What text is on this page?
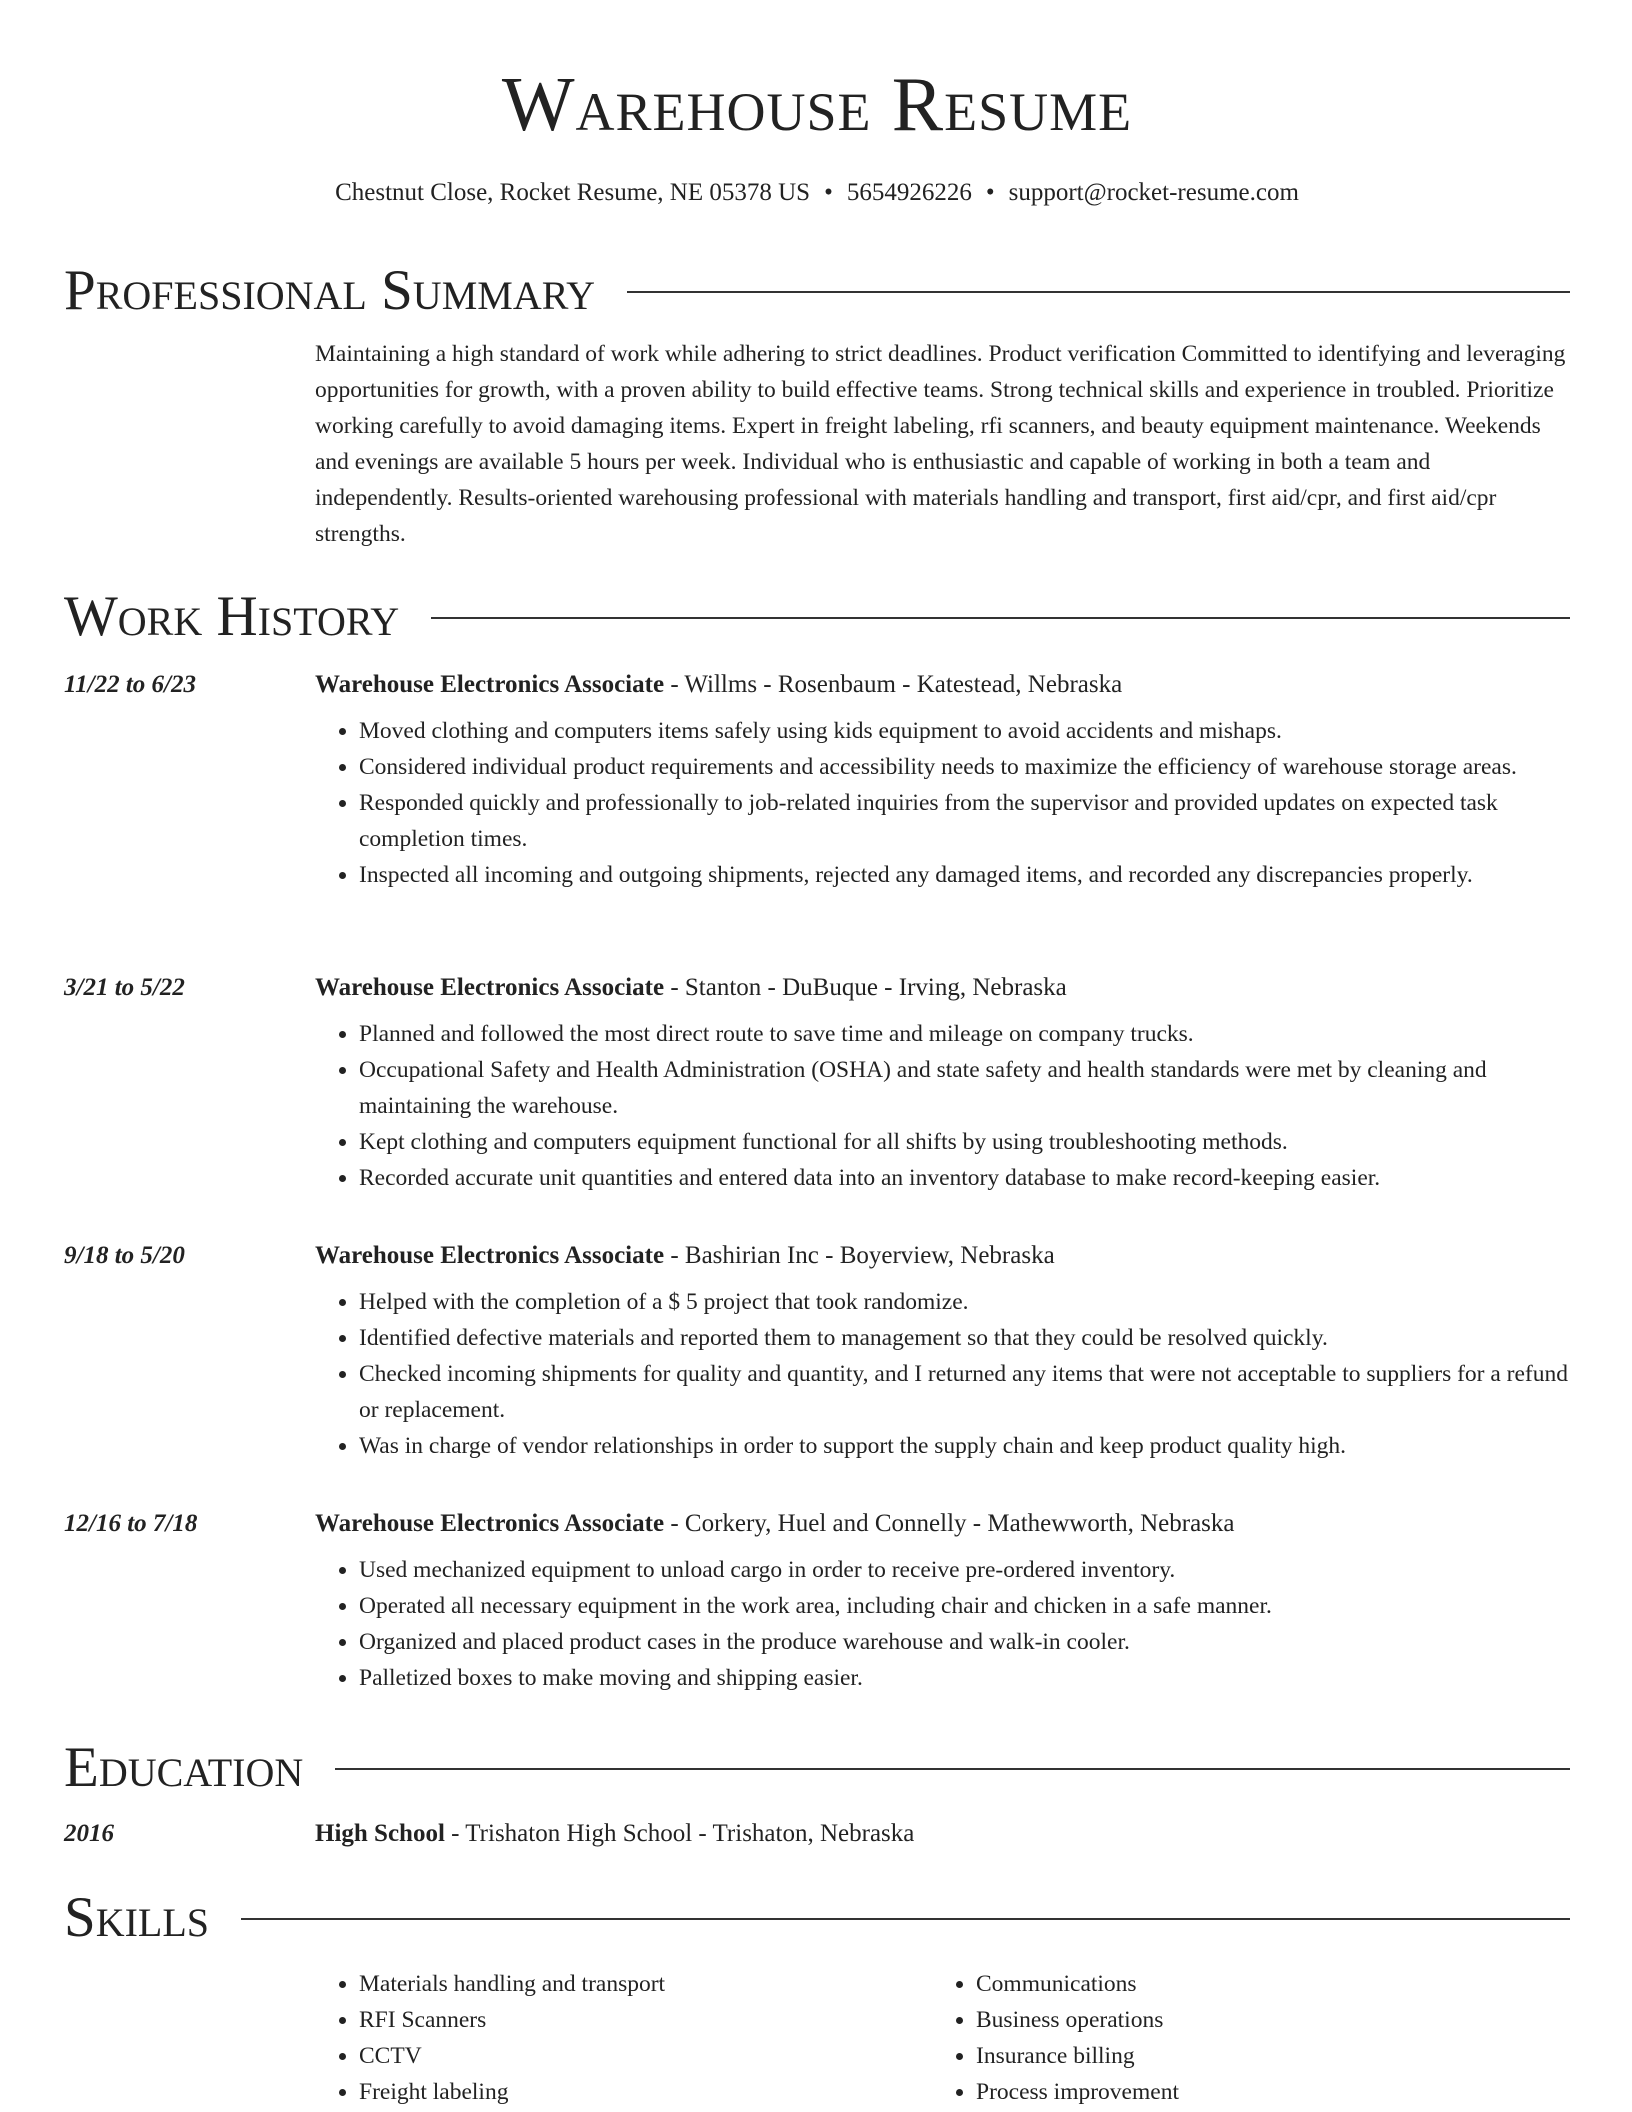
Warehouse Resume
Chestnut Close, Rocket Resume, NE 05378 US • 5654926226 • support@rocket-resume.com
Professional Summary
Maintaining a high standard of work while adhering to strict deadlines. Product verification Committed to identifying and leveraging opportunities for growth, with a proven ability to build effective teams. Strong technical skills and experience in troubled. Prioritize working carefully to avoid damaging items. Expert in freight labeling, rfi scanners, and beauty equipment maintenance. Weekends and evenings are available 5 hours per week. Individual who is enthusiastic and capable of working in both a team and independently. Results-oriented warehousing professional with materials handling and transport, first aid/cpr, and first aid/cpr strengths.
Work History
11/22 to 6/23	Warehouse Electronics Associate - Willms - Rosenbaum - Katestead, Nebraska
• Moved clothing and computers items safely using kids equipment to avoid accidents and mishaps.
• Considered individual product requirements and accessibility needs to maximize the efficiency of warehouse storage areas.
• Responded quickly and professionally to job-related inquiries from the supervisor and provided updates on expected task completion times.
• Inspected all incoming and outgoing shipments, rejected any damaged items, and recorded any discrepancies properly.
3/21 to 5/22	Warehouse Electronics Associate - Stanton - DuBuque - Irving, Nebraska
• Planned and followed the most direct route to save time and mileage on company trucks.
• Occupational Safety and Health Administration (OSHA) and state safety and health standards were met by cleaning and maintaining the warehouse.
• Kept clothing and computers equipment functional for all shifts by using troubleshooting methods.
• Recorded accurate unit quantities and entered data into an inventory database to make record-keeping easier.
9/18 to 5/20	Warehouse Electronics Associate - Bashirian Inc - Boyerview, Nebraska
• Helped with the completion of a $ 5 project that took randomize.
• Identified defective materials and reported them to management so that they could be resolved quickly.
• Checked incoming shipments for quality and quantity, and I returned any items that were not acceptable to suppliers for a refund or replacement.
• Was in charge of vendor relationships in order to support the supply chain and keep product quality high.
12/16 to 7/18	Warehouse Electronics Associate - Corkery, Huel and Connelly - Mathewworth, Nebraska
• Used mechanized equipment to unload cargo in order to receive pre-ordered inventory.
• Operated all necessary equipment in the work area, including chair and chicken in a safe manner.
• Organized and placed product cases in the produce warehouse and walk-in cooler.
• Palletized boxes to make moving and shipping easier.
Education
2016	High School - Trishaton High School - Trishaton, Nebraska
Skills
• Materials handling and transport
• RFI Scanners
• CCTV
• Freight labeling
• Communications
• Business operations
• Insurance billing
• Process improvement
